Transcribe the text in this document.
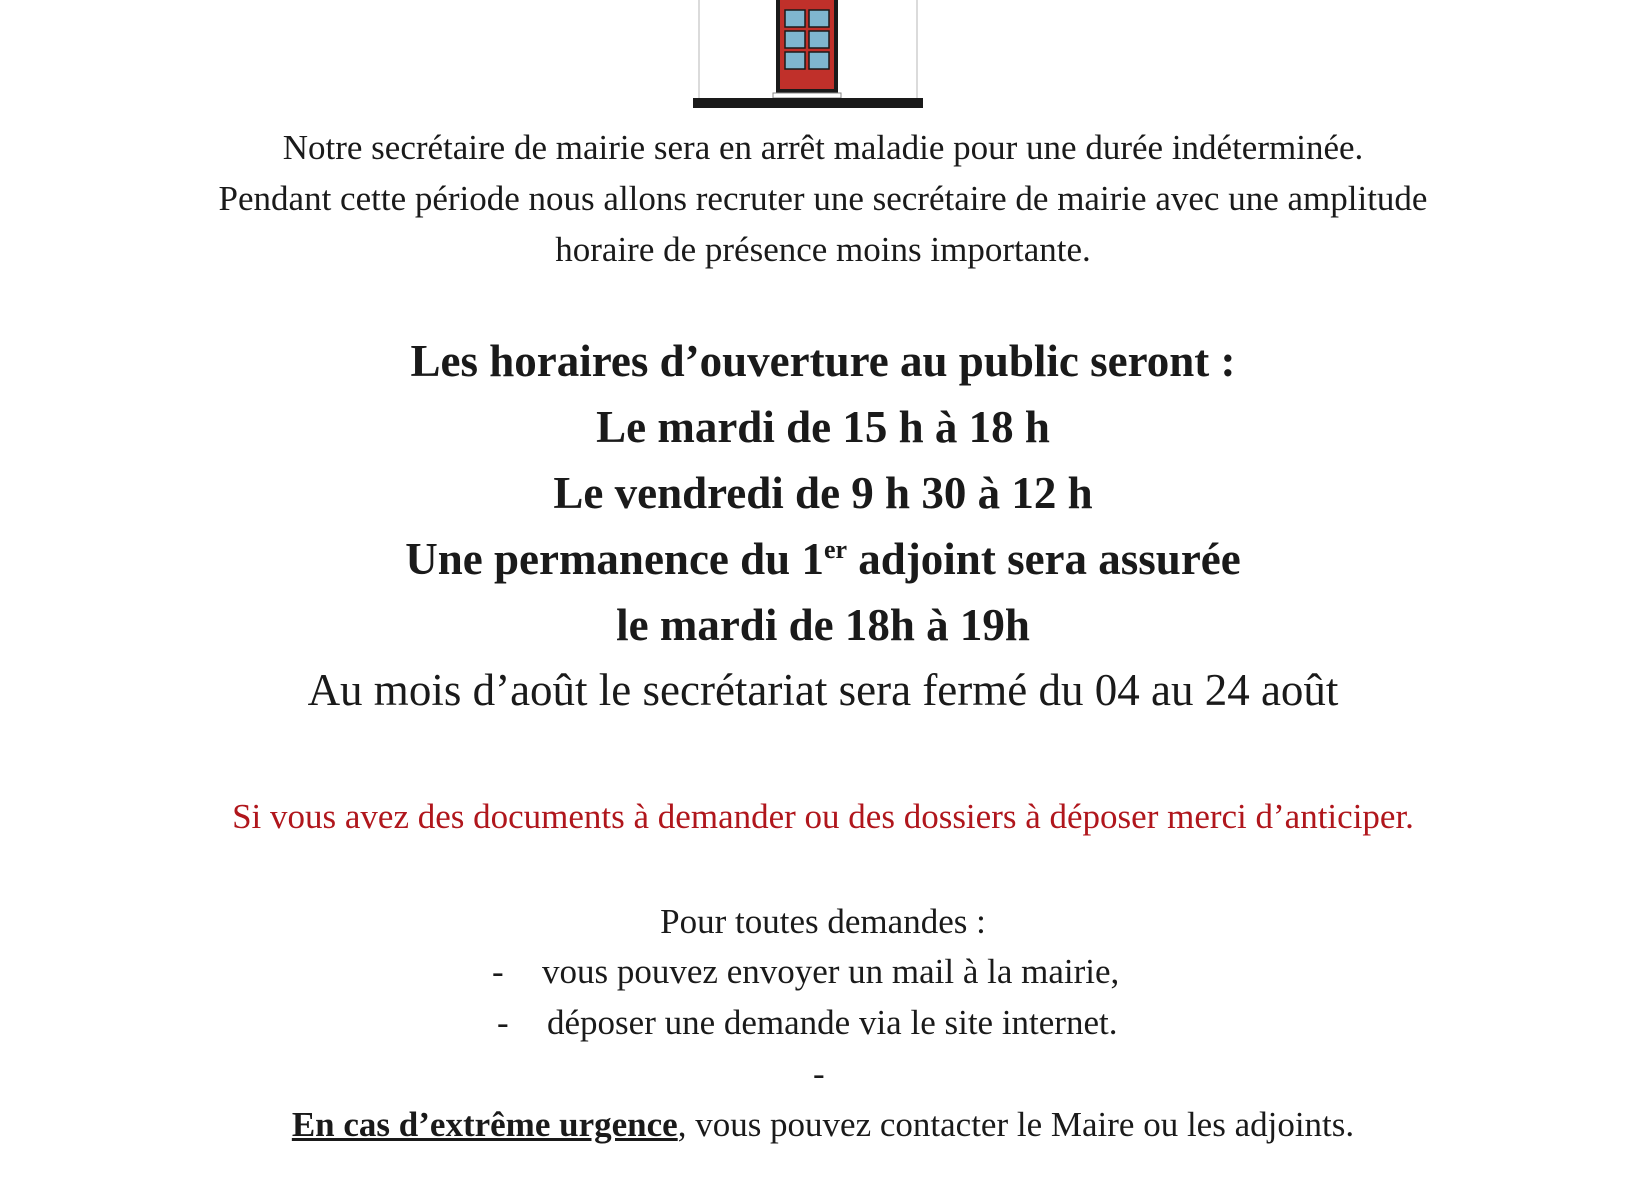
Notre secrétaire de mairie sera en arrêt maladie pour une durée indéterminée.
Pendant cette période nous allons recruter une secrétaire de mairie avec une amplitude
horaire de présence moins importante.
Les horaires d’ouverture au public seront :
Le mardi de 15 h à 18 h
Le vendredi de 9 h 30 à 12 h
Une permanence du 1er adjoint sera assurée
le mardi de 18h à 19h
Au mois d’août le secrétariat sera fermé du 04 au 24 août
Si vous avez des documents à demander ou des dossiers à déposer merci d’anticiper.
Pour toutes demandes :
- vous pouvez envoyer un mail à la mairie,
- déposer une demande via le site internet.
-
En cas d’extrême urgence, vous pouvez contacter le Maire ou les adjoints.
